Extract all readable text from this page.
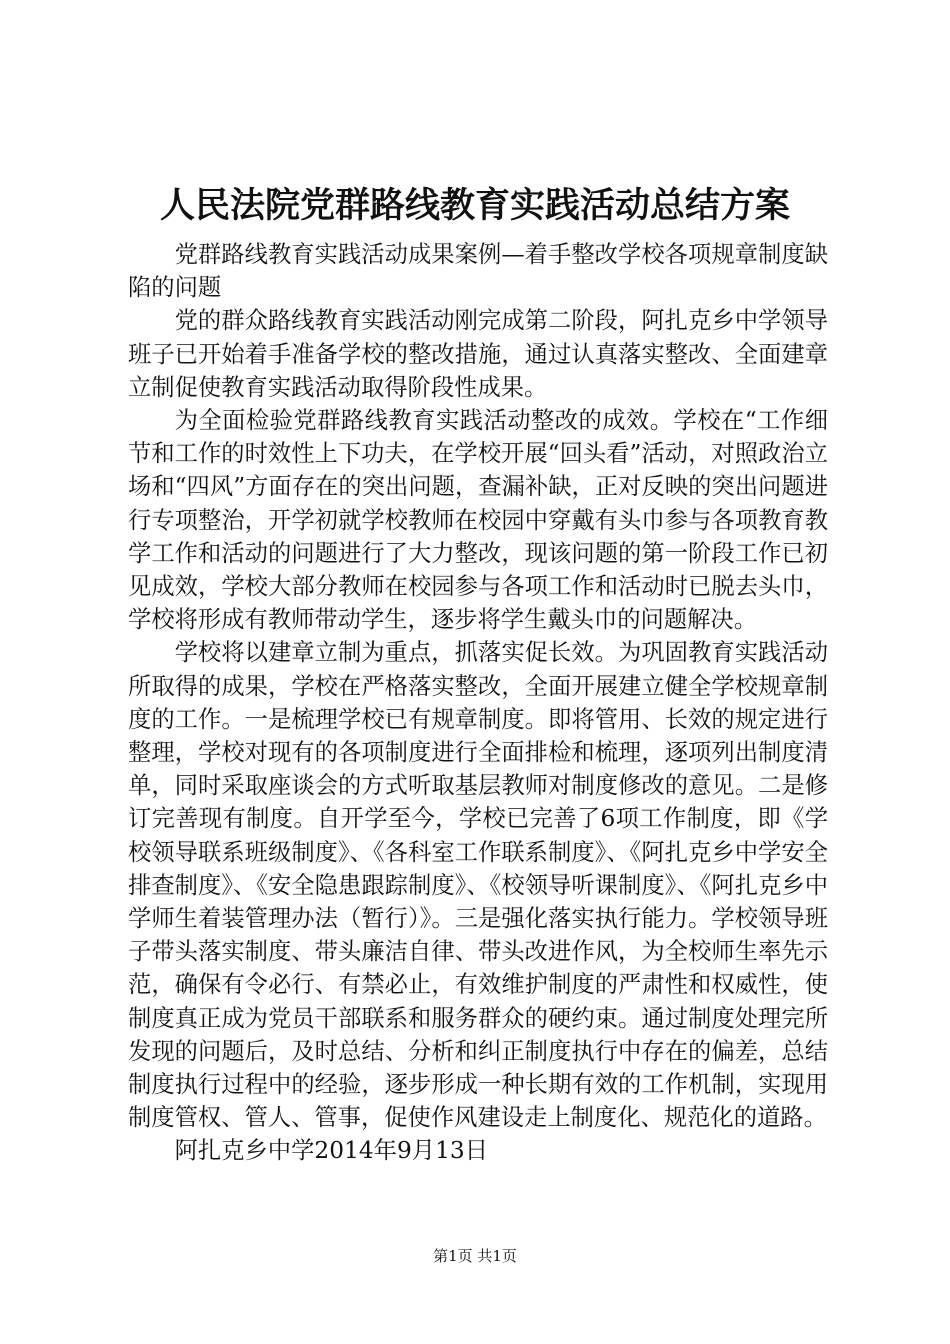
人民法院党群路线教育实践活动总结方案

党群路线教育实践活动成果案例—着手整改学校各项规章制度缺陷的问题

党的群众路线教育实践活动刚完成第二阶段，阿扎克乡中学领导班子已开始着手准备学校的整改措施，通过认真落实整改、全面建章立制促使教育实践活动取得阶段性成果。

为全面检验党群路线教育实践活动整改的成效。学校在“工作细节和工作的时效性上下功夫，在学校开展“回头看”活动，对照政治立场和“四风”方面存在的突出问题，查漏补缺，正对反映的突出问题进行专项整治，开学初就学校教师在校园中穿戴有头巾参与各项教育教学工作和活动的问题进行了大力整改，现该问题的第一阶段工作已初见成效，学校大部分教师在校园参与各项工作和活动时已脱去头巾，学校将形成有教师带动学生，逐步将学生戴头巾的问题解决。

学校将以建章立制为重点，抓落实促长效。为巩固教育实践活动所取得的成果，学校在严格落实整改，全面开展建立健全学校规章制度的工作。一是梳理学校已有规章制度。即将管用、长效的规定进行整理，学校对现有的各项制度进行全面排检和梳理，逐项列出制度清单，同时采取座谈会的方式听取基层教师对制度修改的意见。二是修订完善现有制度。自开学至今，学校已完善了6项工作制度，即《学校领导联系班级制度》、《各科室工作联系制度》、《阿扎克乡中学安全排查制度》、《安全隐患跟踪制度》、《校领导听课制度》、《阿扎克乡中学师生着装管理办法（暂行）》。三是强化落实执行能力。学校领导班子带头落实制度、带头廉洁自律、带头改进作风，为全校师生率先示范，确保有令必行、有禁必止，有效维护制度的严肃性和权威性，使制度真正成为党员干部联系和服务群众的硬约束。通过制度处理完所发现的问题后，及时总结、分析和纠正制度执行中存在的偏差，总结制度执行过程中的经验，逐步形成一种长期有效的工作机制，实现用制度管权、管人、管事，促使作风建设走上制度化、规范化的道路。

阿扎克乡中学2014年9月13日

第1页 共1页
